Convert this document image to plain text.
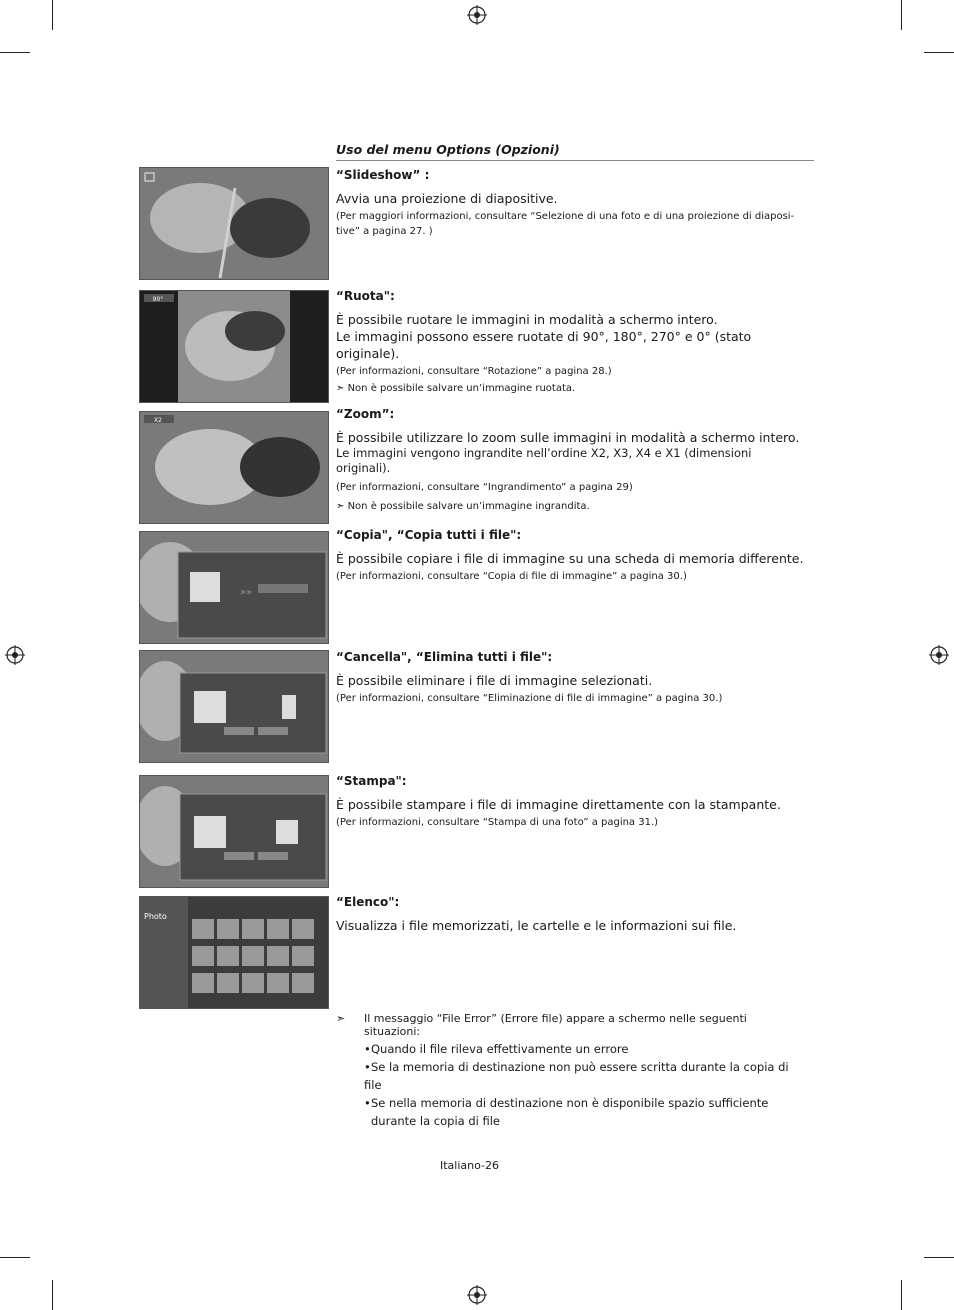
Uso del menu Options (Opzioni)
90°
X2
»»
Photo

“Slideshow” :

Avvia una proiezione di diapositive.

(Per maggiori informazioni, consultare “Selezione di una foto e di una proiezione di diaposi-

tive” a pagina 27. )

“Ruota":

È possibile ruotare le immagini in modalità a schermo intero.

Le immagini possono essere ruotate di 90°, 180°, 270° e 0° (stato originale).

(Per informazioni, consultare “Rotazione” a pagina 28.)

➣ Non è possibile salvare un’immagine ruotata.

“Zoom”:

È possibile utilizzare lo zoom sulle immagini in modalità a schermo intero.

Le immagini vengono ingrandite nell’ordine X2, X3, X4 e X1 (dimensioni originali).

(Per informazioni, consultare “Ingrandimento” a pagina 29)

➣ Non è possibile salvare un’immagine ingrandita.

“Copia", “Copia tutti i file":

È possibile copiare i file di immagine su una scheda di memoria differente.

(Per informazioni, consultare “Copia di file di immagine” a pagina 30.)

“Cancella", “Elimina tutti i file":

È possibile eliminare i file di immagine selezionati.

(Per informazioni, consultare “Eliminazione di file di immagine” a pagina 30.)

“Stampa":

È possibile stampare i file di immagine direttamente con la stampante.

(Per informazioni, consultare “Stampa di una foto” a pagina 31.)

“Elenco":

Visualizza i file memorizzati, le cartelle e le informazioni sui file.

➣ Il messaggio “File Error” (Errore file) appare a schermo nelle seguenti situazioni:
• Quando il file rileva effettivamente un errore
• Se la memoria di destinazione non può essere scritta durante la copia di file
• Se nella memoria di destinazione non è disponibile spazio sufficiente durante la copia di file
Italiano-26
